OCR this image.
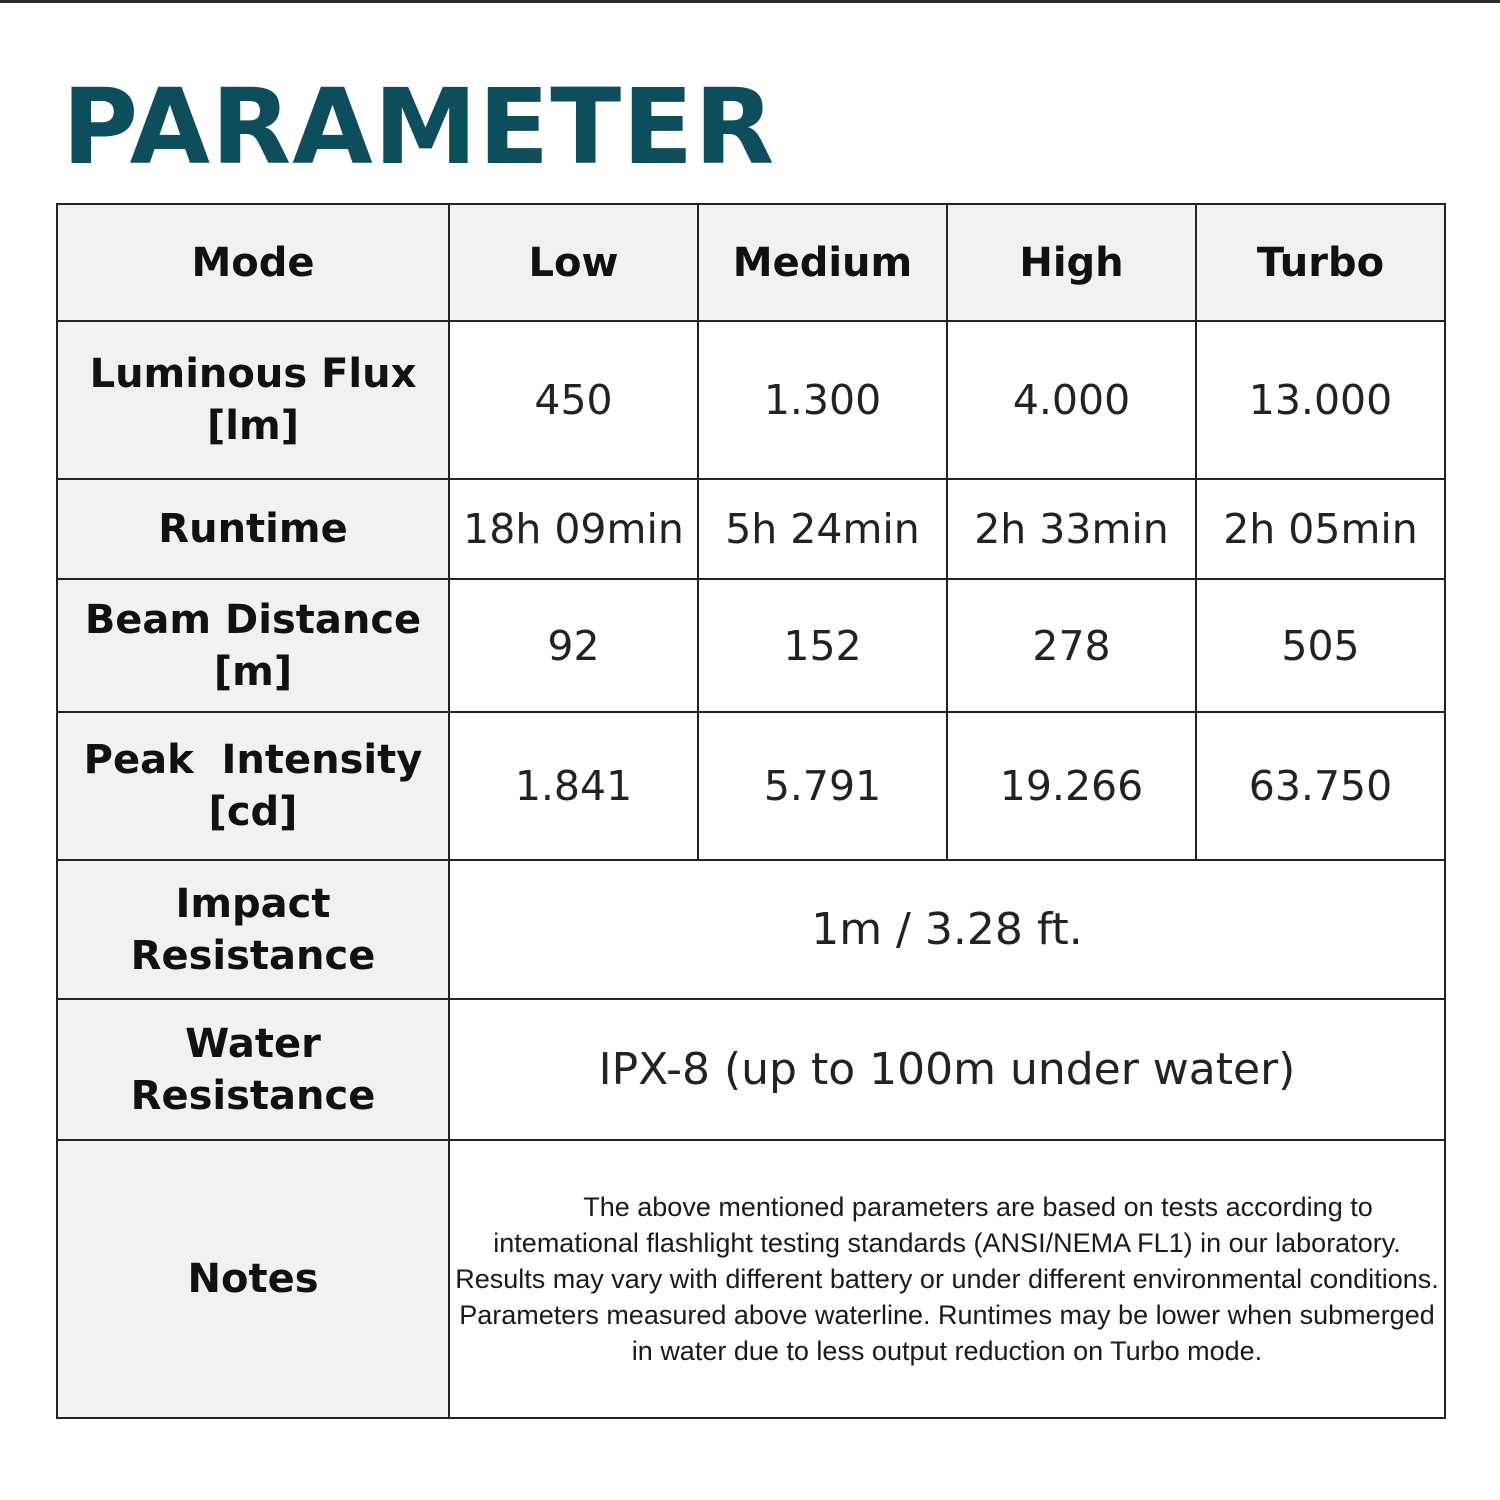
PARAMETER
Mode	Low	Medium	High	Turbo
Luminous Flux
[lm]	450	1.300	4.000	13.000
Runtime	18h 09min	5h 24min	2h 33min	2h 05min
Beam Distance
[m]	92	152	278	505
Peak  Intensity
[cd]	1.841	5.791	19.266	63.750
Impact
Resistance	1m / 3.28 ft.			
Water
Resistance	IPX-8 (up to 100m under water)			
Notes	The above mentioned parameters are based on tests according to intemational flashlight testing standards (ANSI/NEMA FL1) in our laboratory. Results may vary with different battery or under different environmental conditions. Parameters measured above waterline. Runtimes may be lower when submerged in water due to less output reduction on Turbo mode.			
